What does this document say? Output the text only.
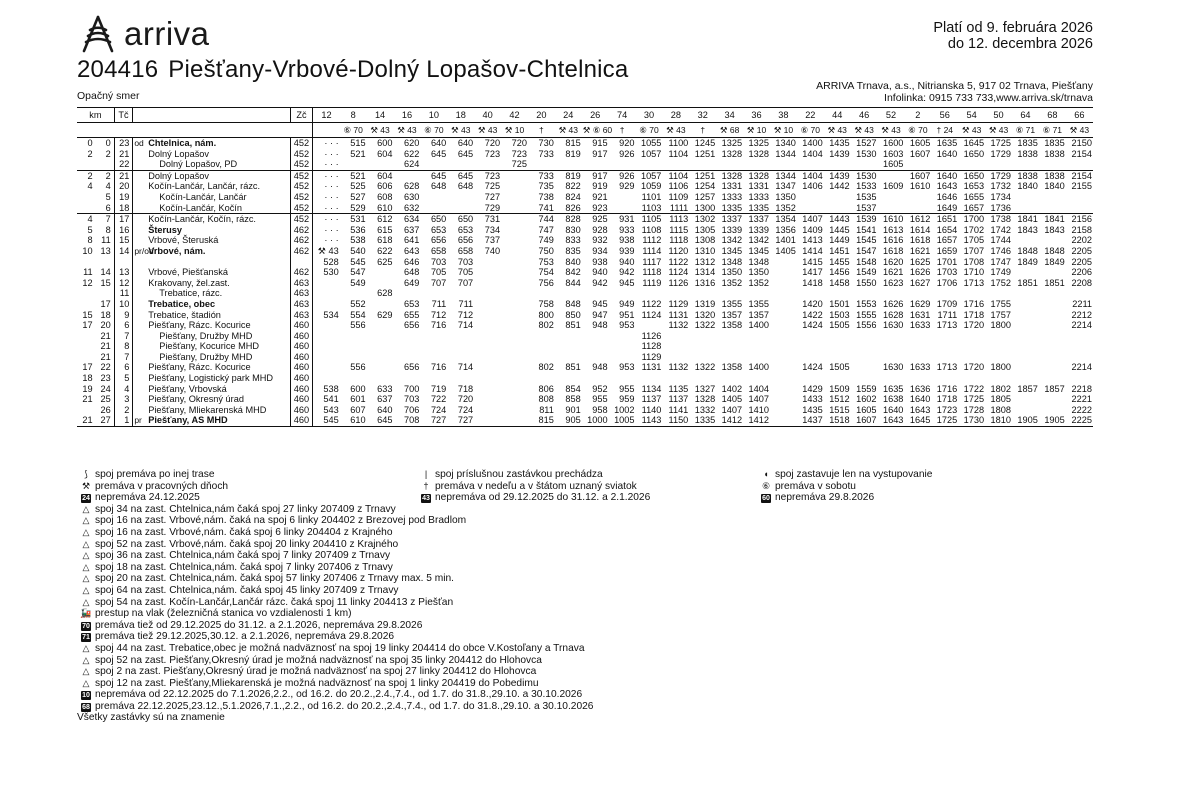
arriva	Platí od 9. februára 2026
do 12. decembra 2026
204416 Piešťany-Vrbové-Dolný Lopašov-Chtelnica
ARRIVA Trnava, a.s., Nitrianska 5, 917 02 Trnava, Piešťany
Infolinka: 0915 733 733,www.arriva.sk/trnava
Opačný smer
km		Tč			Zč	12	8	14	16	10	18	40	42	20	24	26	74	30	28	32	34	36	38	22	44	46	52	2	56	54	50	64	68	66
							⑥ 70	⚒ 43	⚒ 43	⑥ 70	⚒ 43	⚒ 43	⚒ 10	†	⚒ 43	⚒ ⑥ 60	†	⑥ 70	⚒ 43	†	⚒ 68	⚒ 10	⚒ 10	⑥ 70	⚒ 43	⚒ 43	⚒ 43	⑥ 70	† 24	⚒ 43	⚒ 43	⑥ 71	⑥ 71	⚒ 43
0	0	23	od	Chtelnica, nám.	452	· · ·	515	600	620	640	640	720	720	730	815	915	920	1055	1100	1245	1325	1325	1340	1400	1435	1527	1600	1605	1635	1645	1725	1835	1835	2150
2	2	21		Dolný Lopašov	452	· · ·	521	604	622	645	645	723	723	733	819	917	926	1057	1104	1251	1328	1328	1344	1404	1439	1530	1603	1607	1640	1650	1729	1838	1838	2154
		22		Dolný Lopašov, PD	452	· · ·			624				725														1605							
2	2	21		Dolný Lopašov	452	· · ·	521	604		645	645	723		733	819	917	926	1057	1104	1251	1328	1328	1344	1404	1439	1530		1607	1640	1650	1729	1838	1838	2154
4	4	20		Kočín-Lančár, Lančár, rázc.	452	· · ·	525	606	628	648	648	725		735	822	919	929	1059	1106	1254	1331	1331	1347	1406	1442	1533	1609	1610	1643	1653	1732	1840	1840	2155
	5	19		Kočín-Lančár, Lančár	452	· · ·	527	608	630			727		738	824	921		1101	1109	1257	1333	1333	1350			1535			1646	1655	1734			
	6	18		Kočín-Lančár, Kočín	452	· · ·	529	610	632			729		741	826	923		1103	1111	1300	1335	1335	1352			1537			1649	1657	1736			
4	7	17		Kočín-Lančár, Kočín, rázc.	452	· · ·	531	612	634	650	650	731		744	828	925	931	1105	1113	1302	1337	1337	1354	1407	1443	1539	1610	1612	1651	1700	1738	1841	1841	2156
5	8	16		Šterusy	462	· · ·	536	615	637	653	653	734		747	830	928	933	1108	1115	1305	1339	1339	1356	1409	1445	1541	1613	1614	1654	1702	1742	1843	1843	2158
8	11	15		Vrbové, Šteruská	462	· · ·	538	618	641	656	656	737		749	833	932	938	1112	1118	1308	1342	1342	1401	1413	1449	1545	1616	1618	1657	1705	1744			2202
10	13	14	pr/od	Vrbové, nám.	462	⚒ 43	540	622	643	658	658	740		750	835	934	939	1114	1120	1310	1345	1345	1405	1414	1451	1547	1618	1621	1659	1707	1746	1848	1848	2205
						528	545	625	646	703	703			753	840	938	940	1117	1122	1312	1348	1348		1415	1455	1548	1620	1625	1701	1708	1747	1849	1849	2205
11	14	13		Vrbové, Piešťanská	462	530	547		648	705	705			754	842	940	942	1118	1124	1314	1350	1350		1417	1456	1549	1621	1626	1703	1710	1749			2206
12	15	12		Krakovany, žel.zast.	463		549		649	707	707			756	844	942	945	1119	1126	1316	1352	1352		1418	1458	1550	1623	1627	1706	1713	1752	1851	1851	2208
		11		Trebatice, rázc.	463			628																										
	17	10		Trebatice, obec	463		552		653	711	711			758	848	945	949	1122	1129	1319	1355	1355		1420	1501	1553	1626	1629	1709	1716	1755			2211
15	18	9		Trebatice, štadión	463	534	554	629	655	712	712			800	850	947	951	1124	1131	1320	1357	1357		1422	1503	1555	1628	1631	1711	1718	1757			2212
17	20	6		Piešťany, Rázc. Kocurice	460		556		656	716	714			802	851	948	953		1132	1322	1358	1400		1424	1505	1556	1630	1633	1713	1720	1800			2214
	21	7		Piešťany, Družby MHD	460													1126																
	21	8		Piešťany, Kocurice MHD	460													1128																
	21	7		Piešťany, Družby MHD	460													1129																
17	22	6		Piešťany, Rázc. Kocurice	460		556		656	716	714			802	851	948	953	1131	1132	1322	1358	1400		1424	1505		1630	1633	1713	1720	1800			2214
18	23	5		Piešťany, Logistický park MHD	460																													
19	24	4		Piešťany, Vrbovská	460	538	600	633	700	719	718			806	854	952	955	1134	1135	1327	1402	1404		1429	1509	1559	1635	1636	1716	1722	1802	1857	1857	2218
21	25	3		Piešťany, Okresný úrad	460	541	601	637	703	722	720			808	858	955	959	1137	1137	1328	1405	1407		1433	1512	1602	1638	1640	1718	1725	1805			2221
	26	2		Piešťany, Mliekarenská MHD	460	543	607	640	706	724	724			811	901	958	1002	1140	1141	1332	1407	1410		1435	1515	1605	1640	1643	1723	1728	1808			2222
21	27	1	pr	Piešťany, AS MHD	460	545	610	645	708	727	727			815	905	1000	1005	1143	1150	1335	1412	1412		1437	1518	1607	1643	1645	1725	1730	1810	1905	1905	2225
⟆ spoj premáva po inej trase	| spoj príslušnou zastávkou prechádza	◖ spoj zastavuje len na vystupovanie
⚒ premáva v pracovných dňoch	† premáva v nedeľu a v štátom uznaný sviatok	⑥ premáva v sobotu
24 nepremáva 24.12.2025	43 nepremáva od 29.12.2025 do 31.12. a 2.1.2026	60 nepremáva 29.8.2026
△ spoj 34 na zast. Chtelnica,nám čaká spoj 27 linky 207409 z Trnavy
△ spoj 16 na zast. Vrbové,nám. čaká na spoj 6 linky 204402 z Brezovej pod Bradlom
△ spoj 16 na zast. Vrbové,nám. čaká spoj 6 linky 204404 z Krajného
△ spoj 52 na zast. Vrbové,nám. čaká spoj 20 linky 204410 z Krajného
△ spoj 36 na zast. Chtelnica,nám čaká spoj 7 linky 207409 z Trnavy
△ spoj 18 na zast. Chtelnica,nám. čaká spoj 7 linky 207406 z Trnavy
△ spoj 20 na zast. Chtelnica,nám. čaká spoj 57 linky 207406 z Trnavy max. 5 min.
△ spoj 64 na zast. Chtelnica,nám. čaká spoj 45 linky 207409 z Trnavy
△ spoj 54 na zast. Kočín-Lančár,Lančár rázc. čaká spoj 11 linky 204413 z Piešťan
🚂 prestup na vlak (železničná stanica vo vzdialenosti 1 km)
70 premáva tiež od 29.12.2025 do 31.12. a 2.1.2026, nepremáva 29.8.2026
71 premáva tiež 29.12.2025,30.12. a 2.1.2026, nepremáva 29.8.2026
△ spoj 44 na zast. Trebatice,obec je možná nadväznosť na spoj 19 linky 204414 do obce V.Kostoľany a Trnava
△ spoj 52 na zast. Piešťany,Okresný úrad je možná nadväznosť na spoj 35 linky 204412 do Hlohovca
△ spoj 2 na zast. Piešťany,Okresný úrad je možná nadväznosť na spoj 27 linky 204412 do Hlohovca
△ spoj 12 na zast. Piešťany,Mliekarenská je možná nadväznosť na spoj 1 linky 204419 do Pobedimu
10 nepremáva od 22.12.2025 do 7.1.2026,2.2., od 16.2. do 20.2.,2.4.,7.4., od 1.7. do 31.8.,29.10. a 30.10.2026
68 premáva 22.12.2025,23.12.,5.1.2026,7.1.,2.2., od 16.2. do 20.2.,2.4.,7.4., od 1.7. do 31.8.,29.10. a 30.10.2026
Všetky zastávky sú na znamenie
